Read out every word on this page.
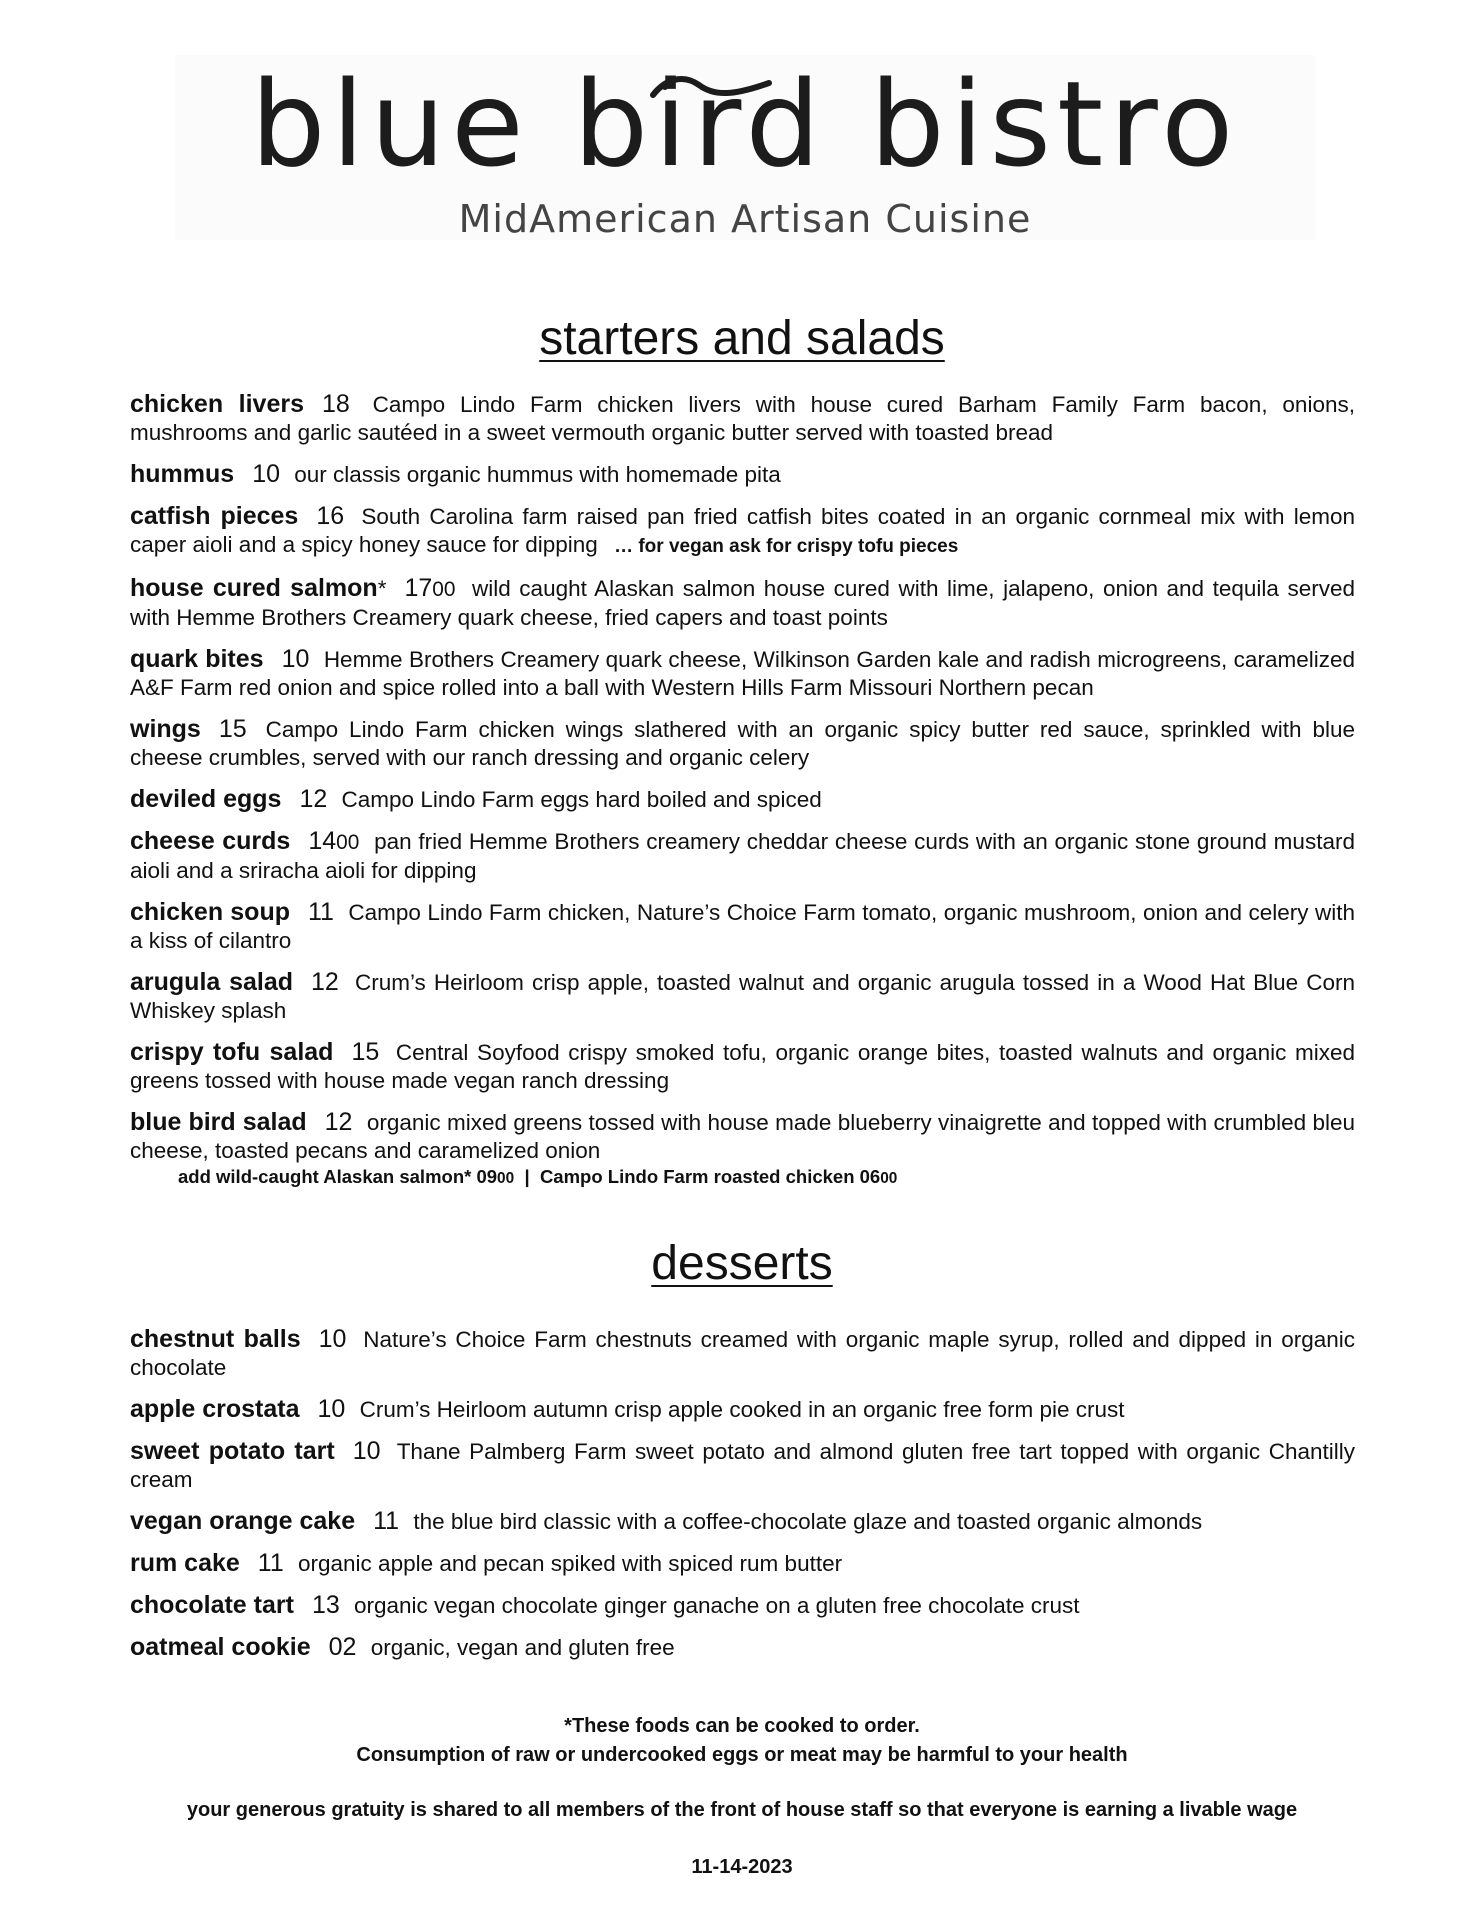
blue bird bistro
MidAmerican Artisan Cuisine
starters and salads
chicken livers 18 Campo Lindo Farm chicken livers with house cured Barham Family Farm bacon, onions, mushrooms and garlic sautéed in a sweet vermouth organic butter served with toasted bread
hummus 10 our classis organic hummus with homemade pita
catfish pieces 16 South Carolina farm raised pan fried catfish bites coated in an organic cornmeal mix with lemon caper aioli and a spicy honey sauce for dipping … for vegan ask for crispy tofu pieces
house cured salmon* 1700 wild caught Alaskan salmon house cured with lime, jalapeno, onion and tequila served with Hemme Brothers Creamery quark cheese, fried capers and toast points
quark bites 10 Hemme Brothers Creamery quark cheese, Wilkinson Garden kale and radish microgreens, caramelized A&F Farm red onion and spice rolled into a ball with Western Hills Farm Missouri Northern pecan
wings 15 Campo Lindo Farm chicken wings slathered with an organic spicy butter red sauce, sprinkled with blue cheese crumbles, served with our ranch dressing and organic celery
deviled eggs 12 Campo Lindo Farm eggs hard boiled and spiced
cheese curds 1400 pan fried Hemme Brothers creamery cheddar cheese curds with an organic stone ground mustard aioli and a sriracha aioli for dipping
chicken soup 11 Campo Lindo Farm chicken, Nature’s Choice Farm tomato, organic mushroom, onion and celery with a kiss of cilantro
arugula salad 12 Crum’s Heirloom crisp apple, toasted walnut and organic arugula tossed in a Wood Hat Blue Corn Whiskey splash
crispy tofu salad 15 Central Soyfood crispy smoked tofu, organic orange bites, toasted walnuts and organic mixed greens tossed with house made vegan ranch dressing
blue bird salad 12 organic mixed greens tossed with house made blueberry vinaigrette and topped with crumbled bleu cheese, toasted pecans and caramelized onion
add wild-caught Alaskan salmon* 0900 | Campo Lindo Farm roasted chicken 0600
desserts
chestnut balls 10 Nature’s Choice Farm chestnuts creamed with organic maple syrup, rolled and dipped in organic chocolate
apple crostata 10 Crum’s Heirloom autumn crisp apple cooked in an organic free form pie crust
sweet potato tart 10 Thane Palmberg Farm sweet potato and almond gluten free tart topped with organic Chantilly cream
vegan orange cake 11 the blue bird classic with a coffee-chocolate glaze and toasted organic almonds
rum cake 11 organic apple and pecan spiked with spiced rum butter
chocolate tart 13 organic vegan chocolate ginger ganache on a gluten free chocolate crust
oatmeal cookie 02 organic, vegan and gluten free
*These foods can be cooked to order.
Consumption of raw or undercooked eggs or meat may be harmful to your health
your generous gratuity is shared to all members of the front of house staff so that everyone is earning a livable wage
11-14-2023
